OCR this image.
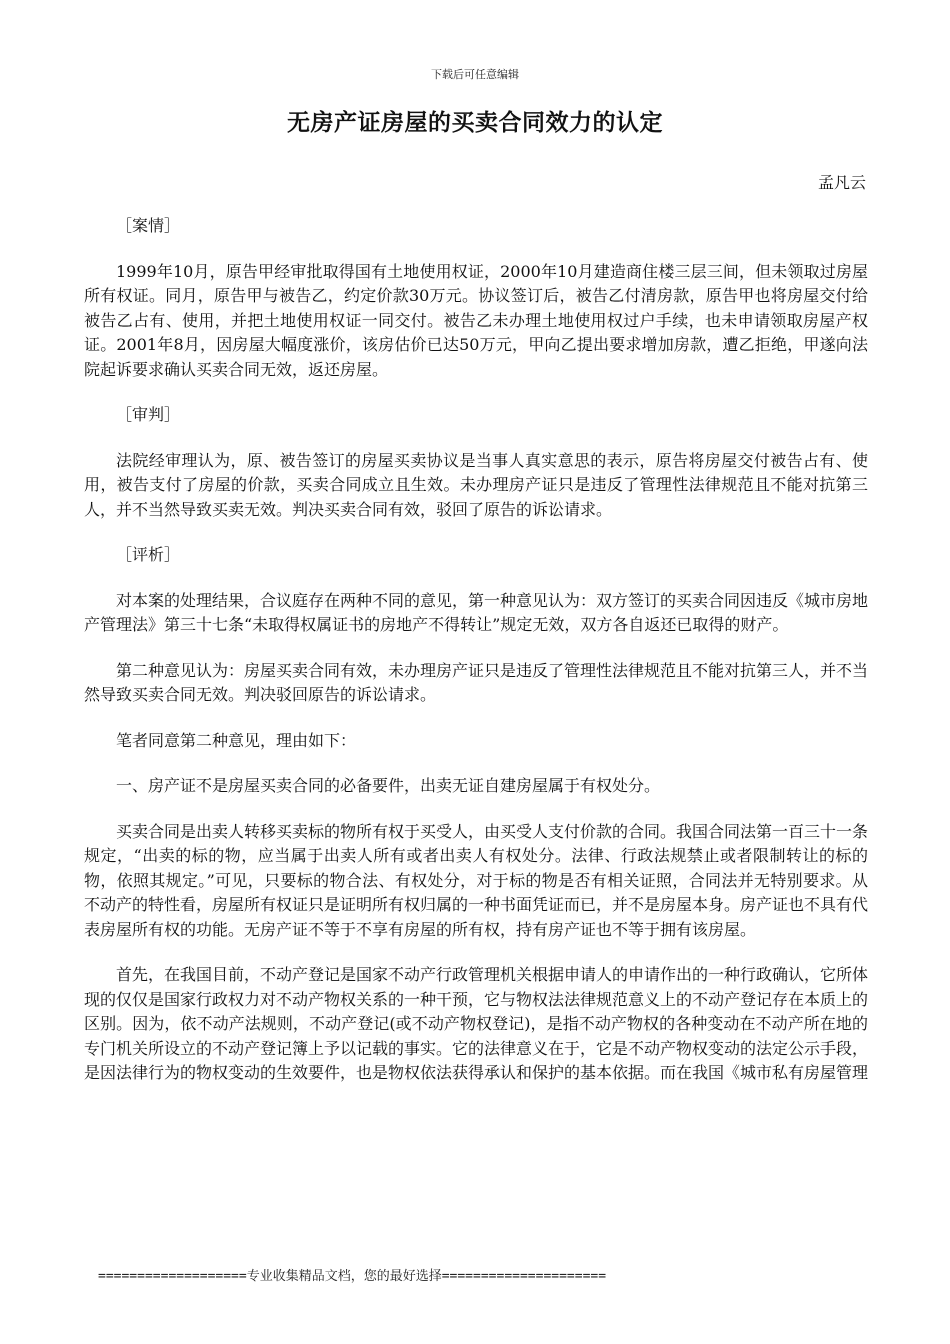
下载后可任意编辑
无房产证房屋的买卖合同效力的认定
孟凡云
［案情］

1999年10月，原告甲经审批取得国有土地使用权证，2000年10月建造商住楼三层三间，但未领取过房屋所有权证。同月，原告甲与被告乙，约定价款30万元。协议签订后，被告乙付清房款，原告甲也将房屋交付给被告乙占有、使用，并把土地使用权证一同交付。被告乙未办理土地使用权过户手续，也未申请领取房屋产权证。2001年8月，因房屋大幅度涨价，该房估价已达50万元，甲向乙提出要求增加房款，遭乙拒绝，甲遂向法院起诉要求确认买卖合同无效，返还房屋。

［审判］

法院经审理认为，原、被告签订的房屋买卖协议是当事人真实意思的表示，原告将房屋交付被告占有、使用，被告支付了房屋的价款，买卖合同成立且生效。未办理房产证只是违反了管理性法律规范且不能对抗第三人，并不当然导致买卖无效。判决买卖合同有效，驳回了原告的诉讼请求。

［评析］

对本案的处理结果，合议庭存在两种不同的意见，第一种意见认为：双方签订的买卖合同因违反《城市房地产管理法》第三十七条“未取得权属证书的房地产不得转让”规定无效，双方各自返还已取得的财产。

第二种意见认为：房屋买卖合同有效，未办理房产证只是违反了管理性法律规范且不能对抗第三人，并不当然导致买卖合同无效。判决驳回原告的诉讼请求。

笔者同意第二种意见，理由如下：

一、房产证不是房屋买卖合同的必备要件，出卖无证自建房屋属于有权处分。

买卖合同是出卖人转移买卖标的物所有权于买受人，由买受人支付价款的合同。我国合同法第一百三十一条规定，“出卖的标的物，应当属于出卖人所有或者出卖人有权处分。法律、行政法规禁止或者限制转让的标的物，依照其规定。”可见，只要标的物合法、有权处分，对于标的物是否有相关证照，合同法并无特别要求。从不动产的特性看，房屋所有权证只是证明所有权归属的一种书面凭证而已，并不是房屋本身。房产证也不具有代表房屋所有权的功能。无房产证不等于不享有房屋的所有权，持有房产证也不等于拥有该房屋。

首先，在我国目前，不动产登记是国家不动产行政管理机关根据申请人的申请作出的一种行政确认，它所体现的仅仅是国家行政权力对不动产物权关系的一种干预，它与物权法法律规范意义上的不动产登记存在本质上的区别。因为，依不动产法规则，不动产登记(或不动产物权登记)，是指不动产物权的各种变动在不动产所在地的专门机关所设立的不动产登记簿上予以记载的事实。它的法律意义在于，它是不动产物权变动的法定公示手段，是因法律行为的物权变动的生效要件，也是物权依法获得承认和保护的基本依据。而在我国《城市私有房屋管理

===================专业收集精品文档，您的最好选择=====================
